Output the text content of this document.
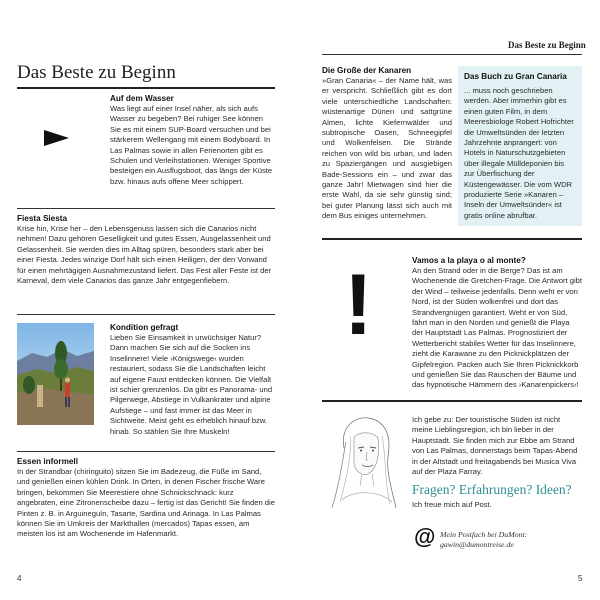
Das Beste zu Beginn
Auf dem Wasser
Was liegt auf einer Insel näher, als sich aufs Wasser zu begeben? Bei ruhiger See können Sie es mit einem SUP-Board versuchen und bei stärkerem Wellengang mit einem Bodyboard. In Las Palmas sowie in allen Ferienorten gibt es Schulen und Verleihstationen. Weniger Sportive besteigen ein Ausflugsboot, das längs der Küste bzw. hinaus aufs offene Meer schippert.
Fiesta Siesta
Krise hin, Krise her – den Lebensgenuss lassen sich die Canarios nicht nehmen! Dazu gehören Geselligkeit und gutes Essen, Ausgelassenheit und Gelassenheit. Sie werden dies im Alltag spüren, besonders stark aber bei einer Fiesta. Jedes winzige Dorf hält sich einen Heiligen, der den Vorwand für einen mehrtägigen Ausnahmezustand liefert. Das Fest aller Feste ist der Karneval, dem viele Canarios das ganze Jahr entgegenfiebern.
Kondition gefragt
Lieben Sie Einsamkeit in urwüchsiger Natur? Dann machen Sie sich auf die Socken ins Inselinnere! Viele ›Königswege‹ wurden restauriert, sodass Sie die Landschaften leicht auf eigene Faust entdecken können. Die Vielfalt ist schier grenzenlos. Da gibt es Panorama- und Pilgerwege, Abstiege in Vulkankrater und alpine Aufstiege – und fast immer ist das Meer in Sichtweite. Meist geht es erheblich hinauf bzw. hinab. So stählen Sie Ihre Muskeln!
Essen informell
In der Strandbar (chiringuito) sitzen Sie im Badezeug, die Füße im Sand, und genießen einen kühlen Drink. In Orten, in denen Fischer frische Ware bringen, bekommen Sie Meerestiere ohne Schnickschnack: kurz angebraten, eine Zitronenscheibe dazu – fertig ist das Gericht! Sie finden die Pinten z. B. in Arguineguín, Tasarte, Sardina und Arinaga. In Las Palmas können Sie im Umkreis der Markthallen (mercados) Tapas essen, am meisten los ist am Wochenende im Hafenmarkt.
4
Das Beste zu Beginn
Die Große der Kanaren
»Gran Canaria« – der Name hält, was er verspricht. Schließlich gibt es dort viele unterschiedliche Landschaften: wüstenartige Dünen und sattgrüne Almen, lichte Kiefernwälder und subtropische Oasen, Schneegipfel und Wolkenfelsen. Die Strände reichen von wild bis urban, und laden zu Spaziergängen und ausgiebigen Bade-Sessions ein – und zwar das ganze Jahr! Mietwagen sind hier die erste Wahl, da sie sehr günstig sind; bei guter Planung lässt sich auch mit dem Bus einiges unternehmen.
Das Buch zu Gran Canaria
... muss noch geschrieben werden. Aber immerhin gibt es einen guten Film, in dem Meeresbiologe Robert Hofrichter die Umweltsünden der letzten Jahrzehnte anprangert: von Hotels in Naturschutzgebieten über illegale Mülldeponien bis zur Überfischung der Küstengewässer. Die vom WDR produzierte Serie »Kanaren – Inseln der Umweltsünder« ist gratis online abrufbar.
!	Vamos a la playa o al monte?
An den Strand oder in die Berge? Das ist am Wochenende die Gretchen-Frage. Die Antwort gibt der Wind – teilweise jedenfalls. Denn weht er von Nord, ist der Süden wolkenfrei und dort das Strandvergnügen garantiert. Weht er von Süd, fährt man in den Norden und genießt die Playa der Hauptstadt Las Palmas. Prognostiziert der Wetterbericht stabiles Wetter für das Inselinnere, zieht die Karawane zu den Picknickplätzen der Gipfelregion. Packen auch Sie Ihren Picknickkorb und genießen Sie das Rauschen der Bäume und das hypnotische Hämmern des ›Kanarenpickers‹!
Ich gebe zu: Der touristische Süden ist nicht meine Lieblingsregion, ich bin lieber in der Hauptstadt. Sie finden mich zur Ebbe am Strand von Las Palmas, donnerstags beim Tapas-Abend in der Altstadt und freitagabends bei Musica Viva auf der Plaza Farray.
Fragen? Erfahrungen? Ideen?
Ich freue mich auf Post.
@ Mein Postfach bei DuMont:
gawin@dumontreise.de
5
